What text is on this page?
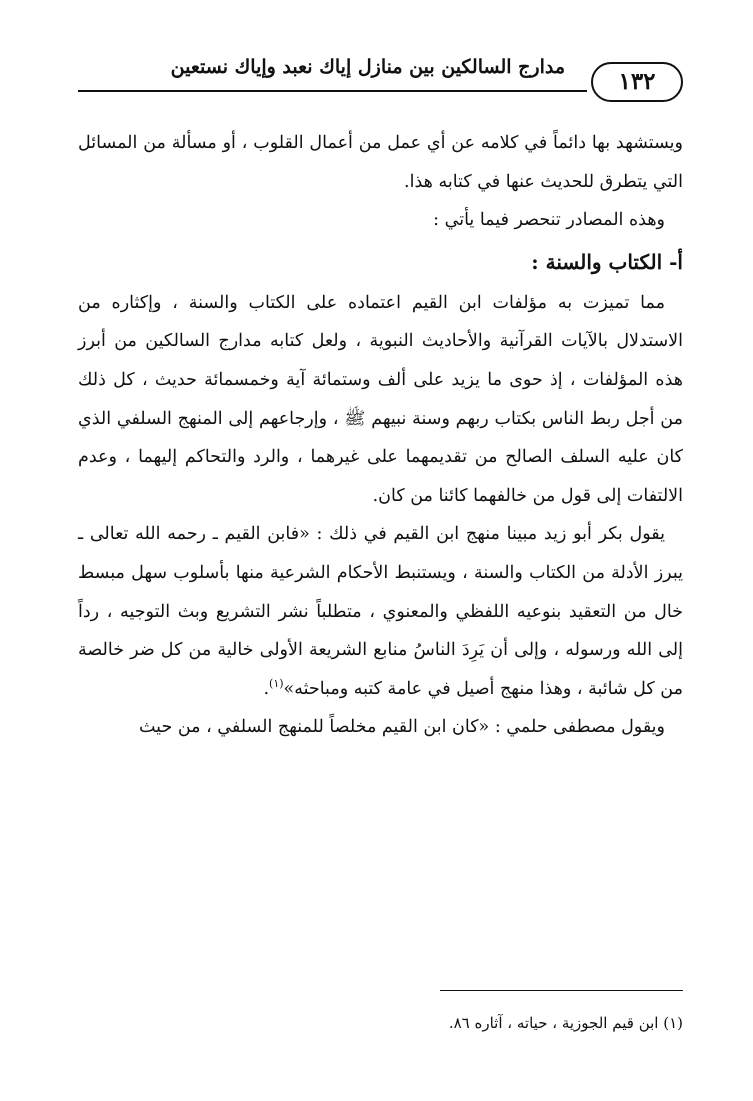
مدارج السالكين بين منازل إياك نعبد وإياك نستعين
١٣٢

ويستشهد بها دائماً في كلامه عن أي عمل من أعمال القلوب ، أو مسألة من المسائل التي يتطرق للحديث عنها في كتابه هذا.

وهذه المصادر تنحصر فيما يأتي :

أ- الكتاب والسنة :

مما تميزت به مؤلفات ابن القيم اعتماده على الكتاب والسنة ، وإكثاره من الاستدلال بالآيات القرآنية والأحاديث النبوية ، ولعل كتابه مدارج السالكين من أبرز هذه المؤلفات ، إذ حوى ما يزيد على ألف وستمائة آية وخمسمائة حديث ، كل ذلك من أجل ربط الناس بكتاب ربهم وسنة نبيهم ﷺ ، وإرجاعهم إلى المنهج السلفي الذي كان عليه السلف الصالح من تقديمهما على غيرهما ، والرد والتحاكم إليهما ، وعدم الالتفات إلى قول من خالفهما كائنا من كان.

يقول بكر أبو زيد مبينا منهج ابن القيم في ذلك : «فابن القيم ـ رحمه الله تعالى ـ يبرز الأدلة من الكتاب والسنة ، ويستنبط الأحكام الشرعية منها بأسلوب سهل مبسط خال من التعقيد بنوعيه اللفظي والمعنوي ، متطلباً نشر التشريع وبث التوجيه ، رداً إلى الله ورسوله ، وإلى أن يَرِدَ الناسُ منابع الشريعة الأولى خالية من كل ضر خالصة من كل شائبة ، وهذا منهج أصيل في عامة كتبه ومباحثه»$^{(١)}$.

ويقول مصطفى حلمي : «كان ابن القيم مخلصاً للمنهج السلفي ، من حيث

(١) ابن قيم الجوزية ، حياته ، آثاره ٨٦.
